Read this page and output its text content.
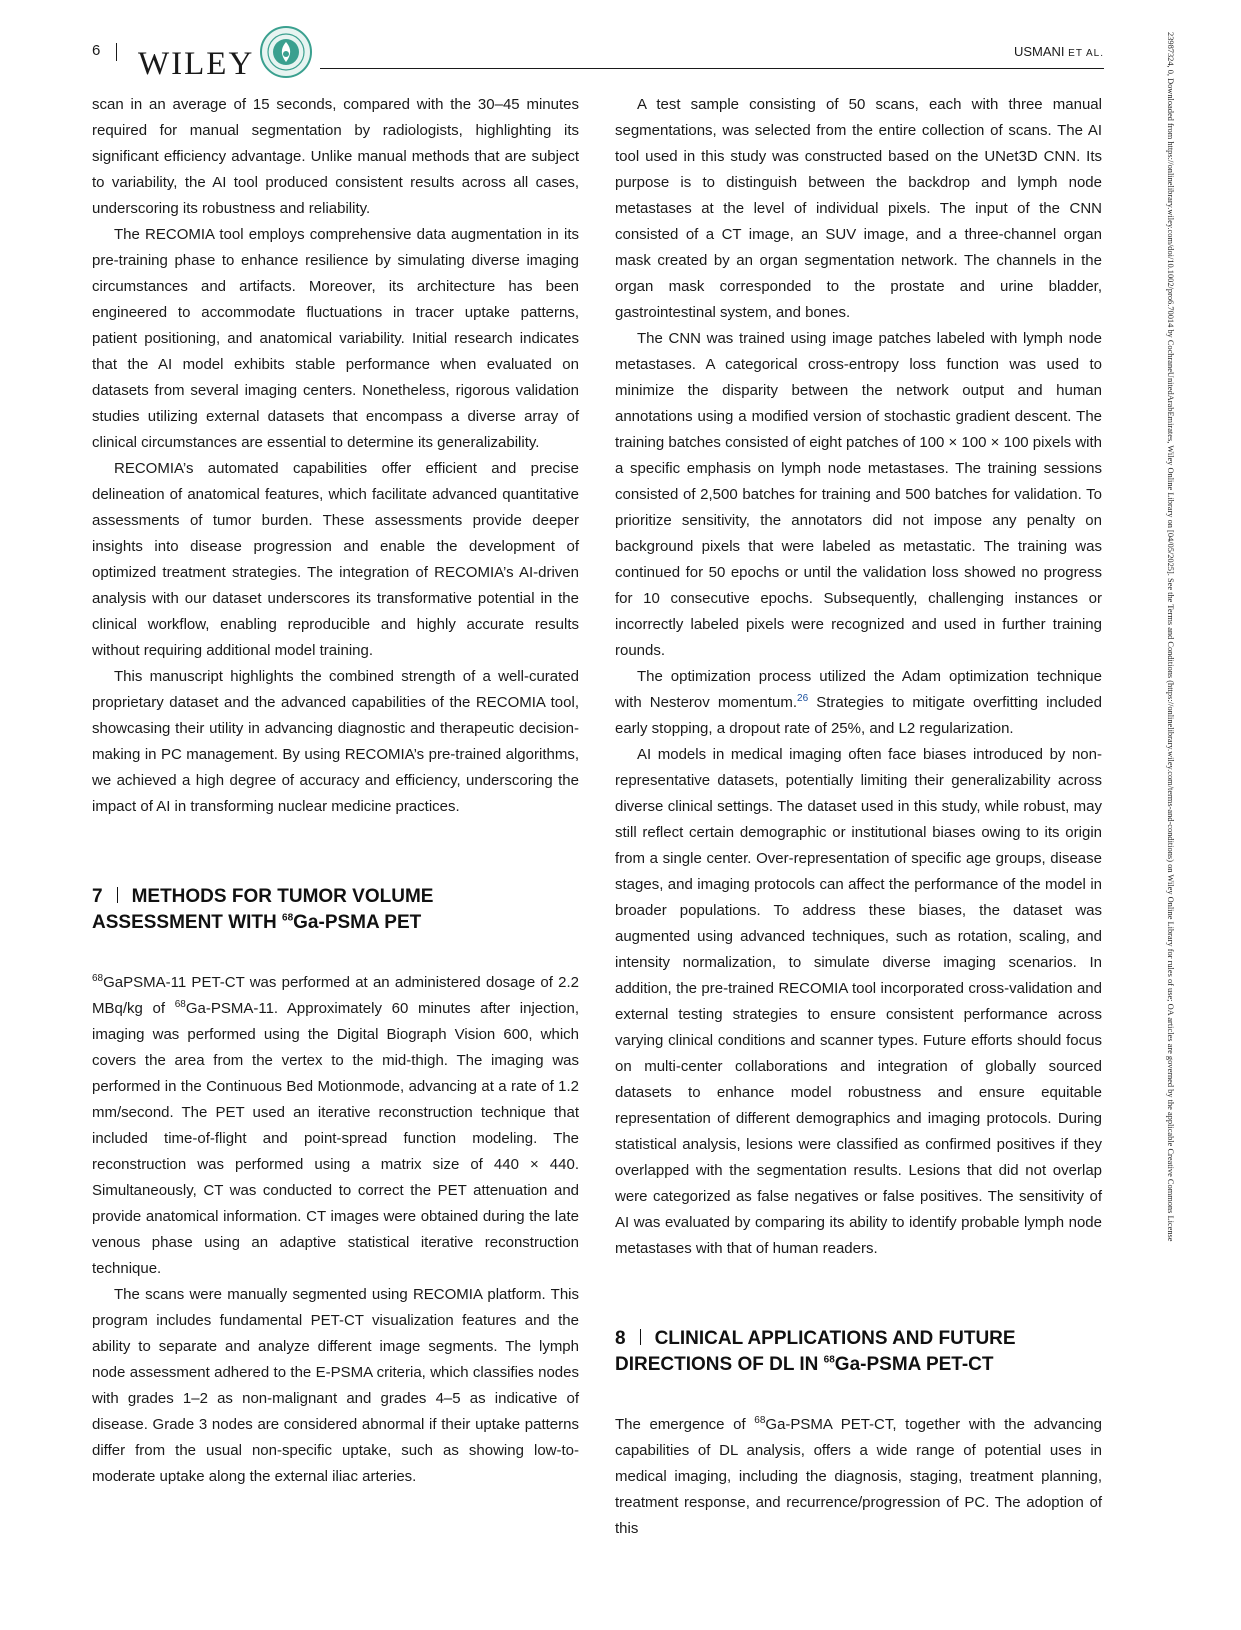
6 WILEY	USMANI ET AL.

scan in an average of 15 seconds, compared with the 30–45 minutes required for manual segmentation by radiologists, highlighting its significant efficiency advantage. Unlike manual methods that are subject to variability, the AI tool produced consistent results across all cases, underscoring its robustness and reliability.

The RECOMIA tool employs comprehensive data augmentation in its pre-training phase to enhance resilience by simulating diverse imaging circumstances and artifacts. Moreover, its architecture has been engineered to accommodate fluctuations in tracer uptake patterns, patient positioning, and anatomical variability. Initial research indicates that the AI model exhibits stable performance when evaluated on datasets from several imaging centers. Nonetheless, rigorous validation studies utilizing external datasets that encompass a diverse array of clinical circumstances are essential to determine its generalizability.

RECOMIA’s automated capabilities offer efficient and precise delineation of anatomical features, which facilitate advanced quantitative assessments of tumor burden. These assessments provide deeper insights into disease progression and enable the development of optimized treatment strategies. The integration of RECOMIA’s AI-driven analysis with our dataset underscores its transformative potential in the clinical workflow, enabling reproducible and highly accurate results without requiring additional model training.

This manuscript highlights the combined strength of a well-curated proprietary dataset and the advanced capabilities of the RECOMIA tool, showcasing their utility in advancing diagnostic and therapeutic decision-making in PC management. By using RECOMIA’s pre-trained algorithms, we achieved a high degree of accuracy and efficiency, underscoring the impact of AI in transforming nuclear medicine practices.

7 METHODS FOR TUMOR VOLUME
ASSESSMENT WITH $^{68}$Ga-PSMA PET

$^{68}$GaPSMA-11 PET-CT was performed at an administered dosage of 2.2 MBq/kg of $^{68}$Ga-PSMA-11. Approximately 60 minutes after injection, imaging was performed using the Digital Biograph Vision 600, which covers the area from the vertex to the mid-thigh. The imaging was performed in the Continuous Bed Motionmode, advancing at a rate of 1.2 mm/second. The PET used an iterative reconstruction technique that included time-of-flight and point-spread function modeling. The reconstruction was performed using a matrix size of 440 × 440. Simultaneously, CT was conducted to correct the PET attenuation and provide anatomical information. CT images were obtained during the late venous phase using an adaptive statistical iterative reconstruction technique.

The scans were manually segmented using RECOMIA platform. This program includes fundamental PET-CT visualization features and the ability to separate and analyze different image segments. The lymph node assessment adhered to the E-PSMA criteria, which classifies nodes with grades 1–2 as non-malignant and grades 4–5 as indicative of disease. Grade 3 nodes are considered abnormal if their uptake patterns differ from the usual non-specific uptake, such as showing low-to-moderate uptake along the external iliac arteries.

A test sample consisting of 50 scans, each with three manual segmentations, was selected from the entire collection of scans. The AI tool used in this study was constructed based on the UNet3D CNN. Its purpose is to distinguish between the backdrop and lymph node metastases at the level of individual pixels. The input of the CNN consisted of a CT image, an SUV image, and a three-channel organ mask created by an organ segmentation network. The channels in the organ mask corresponded to the prostate and urine bladder, gastrointestinal system, and bones.

The CNN was trained using image patches labeled with lymph node metastases. A categorical cross-entropy loss function was used to minimize the disparity between the network output and human annotations using a modified version of stochastic gradient descent. The training batches consisted of eight patches of 100 × 100 × 100 pixels with a specific emphasis on lymph node metastases. The training sessions consisted of 2,500 batches for training and 500 batches for validation. To prioritize sensitivity, the annotators did not impose any penalty on background pixels that were labeled as metastatic. The training was continued for 50 epochs or until the validation loss showed no progress for 10 consecutive epochs. Subsequently, challenging instances or incorrectly labeled pixels were recognized and used in further training rounds.

The optimization process utilized the Adam optimization technique with Nesterov momentum.$^{26}$ Strategies to mitigate overfitting included early stopping, a dropout rate of 25%, and L2 regularization.

AI models in medical imaging often face biases introduced by non-representative datasets, potentially limiting their generalizability across diverse clinical settings. The dataset used in this study, while robust, may still reflect certain demographic or institutional biases owing to its origin from a single center. Over-representation of specific age groups, disease stages, and imaging protocols can affect the performance of the model in broader populations. To address these biases, the dataset was augmented using advanced techniques, such as rotation, scaling, and intensity normalization, to simulate diverse imaging scenarios. In addition, the pre-trained RECOMIA tool incorporated cross-validation and external testing strategies to ensure consistent performance across varying clinical conditions and scanner types. Future efforts should focus on multi-center collaborations and integration of globally sourced datasets to enhance model robustness and ensure equitable representation of different demographics and imaging protocols. During statistical analysis, lesions were classified as confirmed positives if they overlapped with the segmentation results. Lesions that did not overlap were categorized as false negatives or false positives. The sensitivity of AI was evaluated by comparing its ability to identify probable lymph node metastases with that of human readers.

8 CLINICAL APPLICATIONS AND FUTURE
DIRECTIONS OF DL IN $^{68}$Ga-PSMA PET-CT

The emergence of $^{68}$Ga-PSMA PET-CT, together with the advancing capabilities of DL analysis, offers a wide range of potential uses in medical imaging, including the diagnosis, staging, treatment planning, treatment response, and recurrence/progression of PC. The adoption of this

23987324, 0, Downloaded from https://onlinelibrary.wiley.com/doi/10.1002/pro6.70014 by CochraneUnitedArabEmirates, Wiley Online Library on [04/05/2025]. See the Terms and Conditions (https://onlinelibrary.wiley.com/terms-and-conditions) on Wiley Online Library for rules of use; OA articles are governed by the applicable Creative Commons License
